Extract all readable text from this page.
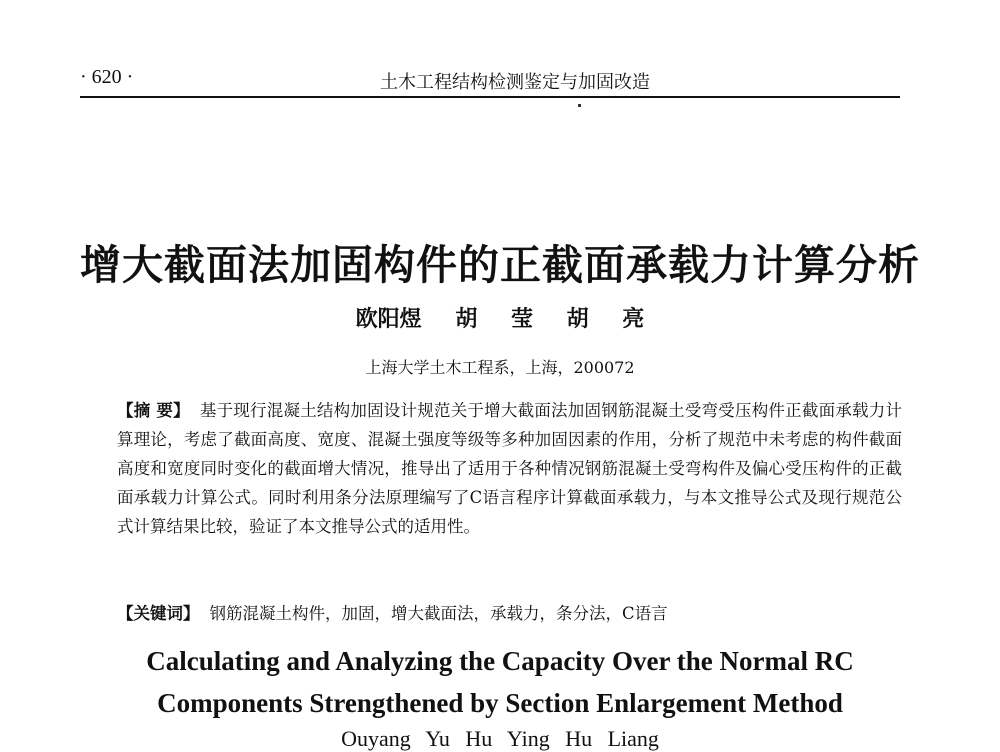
· 620 ·	土木工程结构检测鉴定与加固改造
增大截面法加固构件的正截面承载力计算分析
欧阳煜 胡 莹 胡 亮
上海大学土木工程系，上海，200072
【摘 要】 基于现行混凝土结构加固设计规范关于增大截面法加固钢筋混凝土受弯受压构件正截面承载力计算理论，考虑了截面高度、宽度、混凝土强度等级等多种加固因素的作用，分析了规范中未考虑的构件截面高度和宽度同时变化的截面增大情况，推导出了适用于各种情况钢筋混凝土受弯构件及偏心受压构件的正截面承载力计算公式。同时利用条分法原理编写了C语言程序计算截面承载力，与本文推导公式及现行规范公式计算结果比较，验证了本文推导公式的适用性。
【关键词】 钢筋混凝土构件，加固，增大截面法，承载力，条分法，C语言
Calculating and Analyzing the Capacity Over the Normal RC
Components Strengthened by Section Enlargement Method
Ouyang Yu Hu Ying Hu Liang
